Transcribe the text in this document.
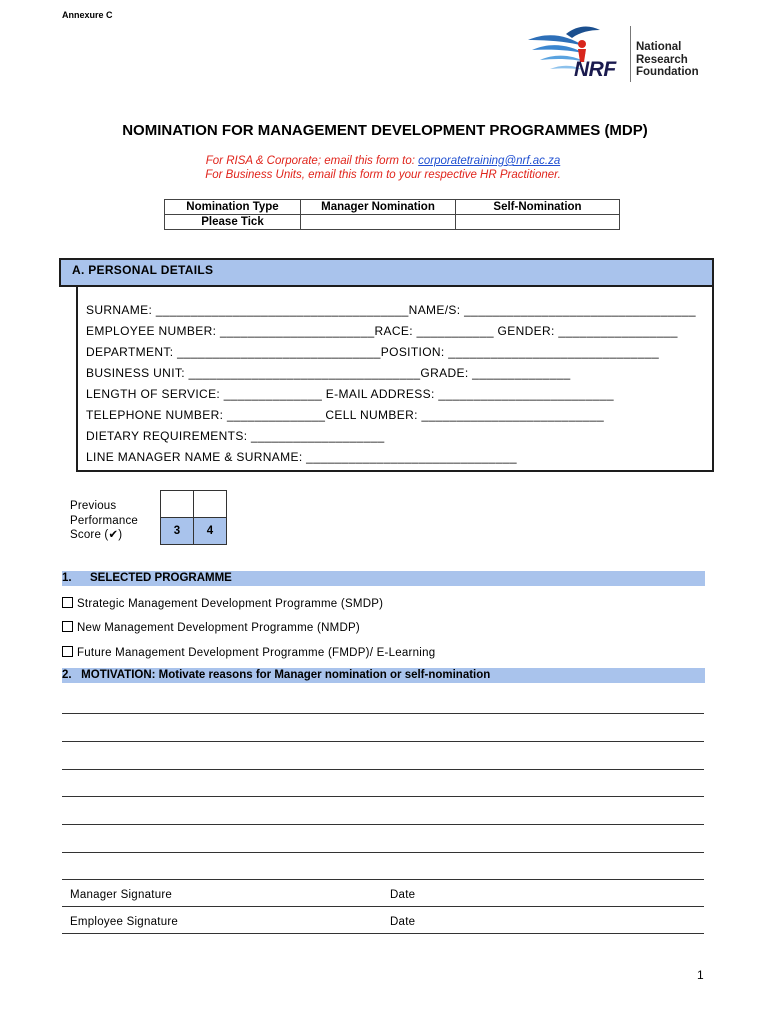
Annexure C
NRF
National
Research
Foundation
NOMINATION FOR MANAGEMENT DEVELOPMENT PROGRAMMES (MDP)
For RISA & Corporate; email this form to: corporatetraining@nrf.ac.za
For Business Units, email this form to your respective HR Practitioner.
Nomination Type	Manager Nomination	Self-Nomination
Please Tick		
A. PERSONAL DETAILS
SURNAME: ____________________________________NAME/S: _________________________________
EMPLOYEE NUMBER: ______________________RACE: ___________ GENDER: _________________
DEPARTMENT: _____________________________POSITION: ______________________________
BUSINESS UNIT: _________________________________GRADE: ______________
LENGTH OF SERVICE: ______________ E-MAIL ADDRESS: _________________________
TELEPHONE NUMBER: ______________CELL NUMBER: __________________________
DIETARY REQUIREMENTS: ___________________
LINE MANAGER NAME & SURNAME: ______________________________
Previous
Performance
Score (✔)
		3	4
1. SELECTED PROGRAMME
Strategic Management Development Programme (SMDP)
New Management Development Programme (NMDP)
Future Management Development Programme (FMDP)/ E-Learning
2.   MOTIVATION: Motivate reasons for Manager nomination or self-nomination
Manager Signature	Date
Employee Signature	Date
1
